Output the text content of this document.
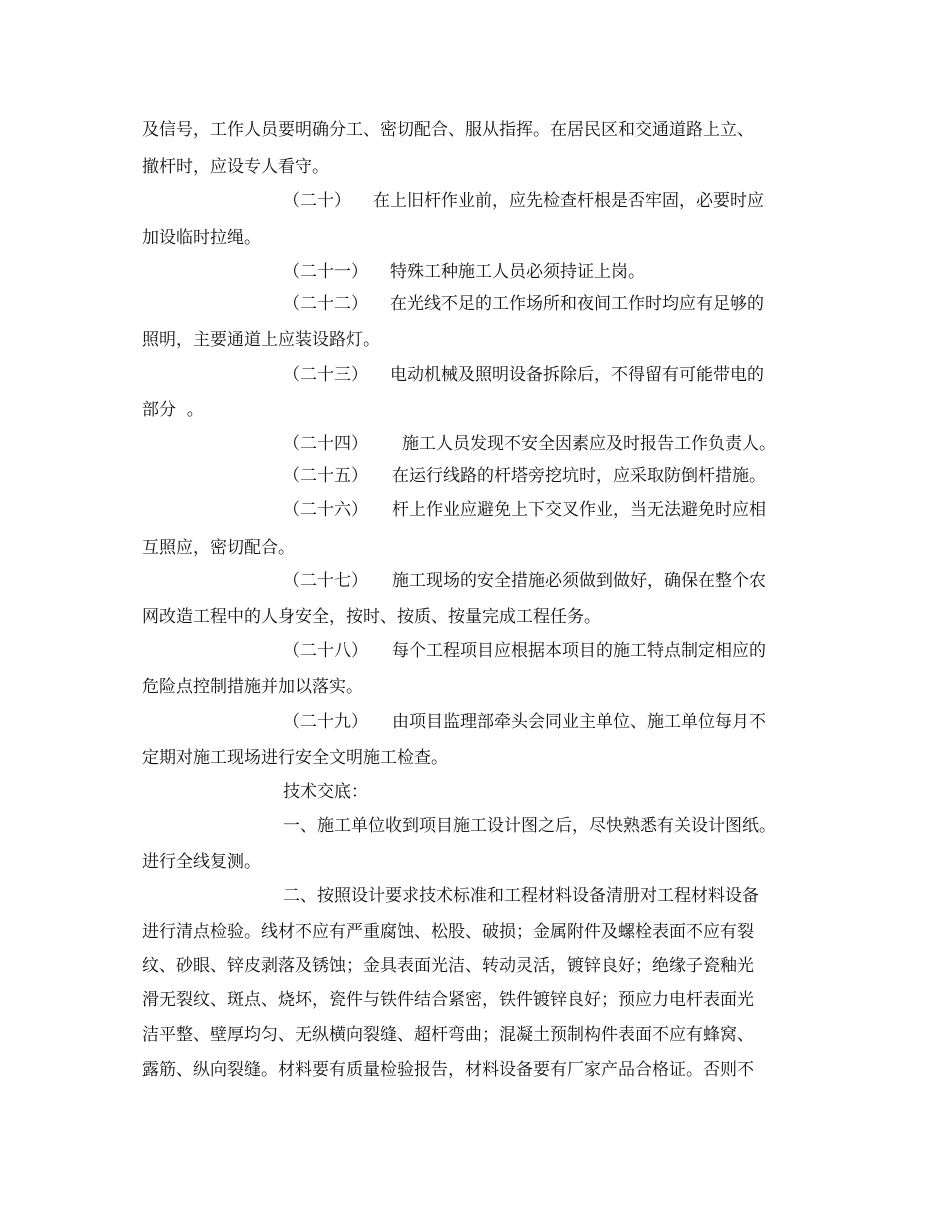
及信号，工作人员要明确分工、密切配合、服从指挥。在居民区和交通道路上立、
撤杆时，应设专人看守。
（二十） 在上旧杆作业前，应先检查杆根是否牢固，必要时应
加设临时拉绳。
（二十一） 特殊工种施工人员必须持证上岗。
（二十二） 在光线不足的工作场所和夜间工作时均应有足够的
照明，主要通道上应装设路灯。
（二十三） 电动机械及照明设备拆除后，不得留有可能带电的
部分  。
（二十四） 施工人员发现不安全因素应及时报告工作负责人。
（二十五） 在运行线路的杆塔旁挖坑时，应采取防倒杆措施。
（二十六） 杆上作业应避免上下交叉作业，当无法避免时应相
互照应，密切配合。
（二十七） 施工现场的安全措施必须做到做好，确保在整个农
网改造工程中的人身安全，按时、按质、按量完成工程任务。
（二十八） 每个工程项目应根据本项目的施工特点制定相应的
危险点控制措施并加以落实。
（二十九） 由项目监理部牵头会同业主单位、施工单位每月不
定期对施工现场进行安全文明施工检查。
技术交底：
一、施工单位收到项目施工设计图之后，尽快熟悉有关设计图纸。
进行全线复测。
二、按照设计要求技术标准和工程材料设备清册对工程材料设备
进行清点检验。线材不应有严重腐蚀、松股、破损；金属附件及螺栓表面不应有裂
纹、砂眼、锌皮剥落及锈蚀；金具表面光洁、转动灵活，镀锌良好；绝缘子瓷釉光
滑无裂纹、斑点、烧坏，瓷件与铁件结合紧密，铁件镀锌良好；预应力电杆表面光
洁平整、壁厚均匀、无纵横向裂缝、超杆弯曲；混凝土预制构件表面不应有蜂窝、
露筋、纵向裂缝。材料要有质量检验报告，材料设备要有厂家产品合格证。否则不
